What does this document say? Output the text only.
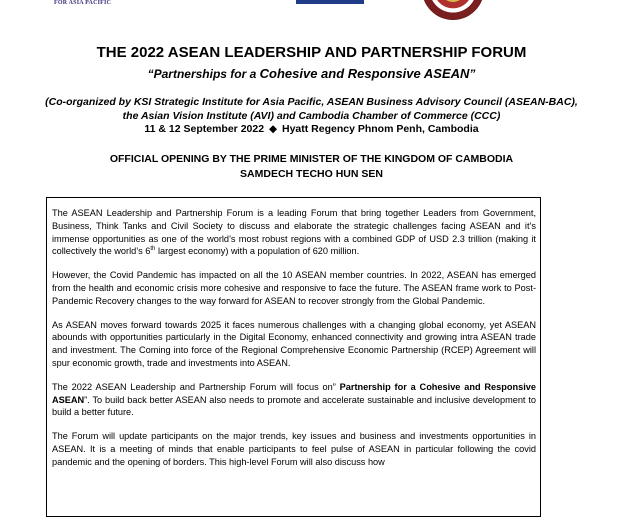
FOR ASIA PACIFIC
THE 2022 ASEAN LEADERSHIP AND PARTNERSHIP FORUM

“Partnerships for a Cohesive and Responsive ASEAN”

(Co-organized by KSI Strategic Institute for Asia Pacific, ASEAN Business Advisory Council (ASEAN-BAC),
the Asian Vision Institute (AVI) and Cambodia Chamber of Commerce (CCC)
11 & 12 September 2022 ◆ Hyatt Regency Phnom Penh, Cambodia
OFFICIAL OPENING BY THE PRIME MINISTER OF THE KINGDOM OF CAMBODIA
SAMDECH TECHO HUN SEN

The ASEAN Leadership and Partnership Forum is a leading Forum that bring together Leaders from Government, Business, Think Tanks and Civil Society to discuss and elaborate the strategic challenges facing ASEAN and it’s immense opportunities as one of the world’s most robust regions with a combined GDP of USD 2.3 trillion (making it collectively the world’s 6th largest economy) with a population of 620 million.

However, the Covid Pandemic has impacted on all the 10 ASEAN member countries. In 2022, ASEAN has emerged from the health and economic crisis more cohesive and responsive to face the future. The ASEAN frame work to Post-Pandemic Recovery changes to the way forward for ASEAN to recover strongly from the Global Pandemic.

As ASEAN moves forward towards 2025 it faces numerous challenges with a changing global economy, yet ASEAN abounds with opportunities particularly in the Digital Economy, enhanced connectivity and growing intra ASEAN trade and investment. The Coming into force of the Regional Comprehensive Economic Partnership (RCEP) Agreement will spur economic growth, trade and investments into ASEAN.

The 2022 ASEAN Leadership and Partnership Forum will focus on” Partnership for a Cohesive and Responsive ASEAN”. To build back better ASEAN also needs to promote and accelerate sustainable and inclusive development to build a better future.

The Forum will update participants on the major trends, key issues and business and investments opportunities in ASEAN. It is a meeting of minds that enable participants to feel pulse of ASEAN in particular following the covid pandemic and the opening of borders. This high-level Forum will also discuss how
